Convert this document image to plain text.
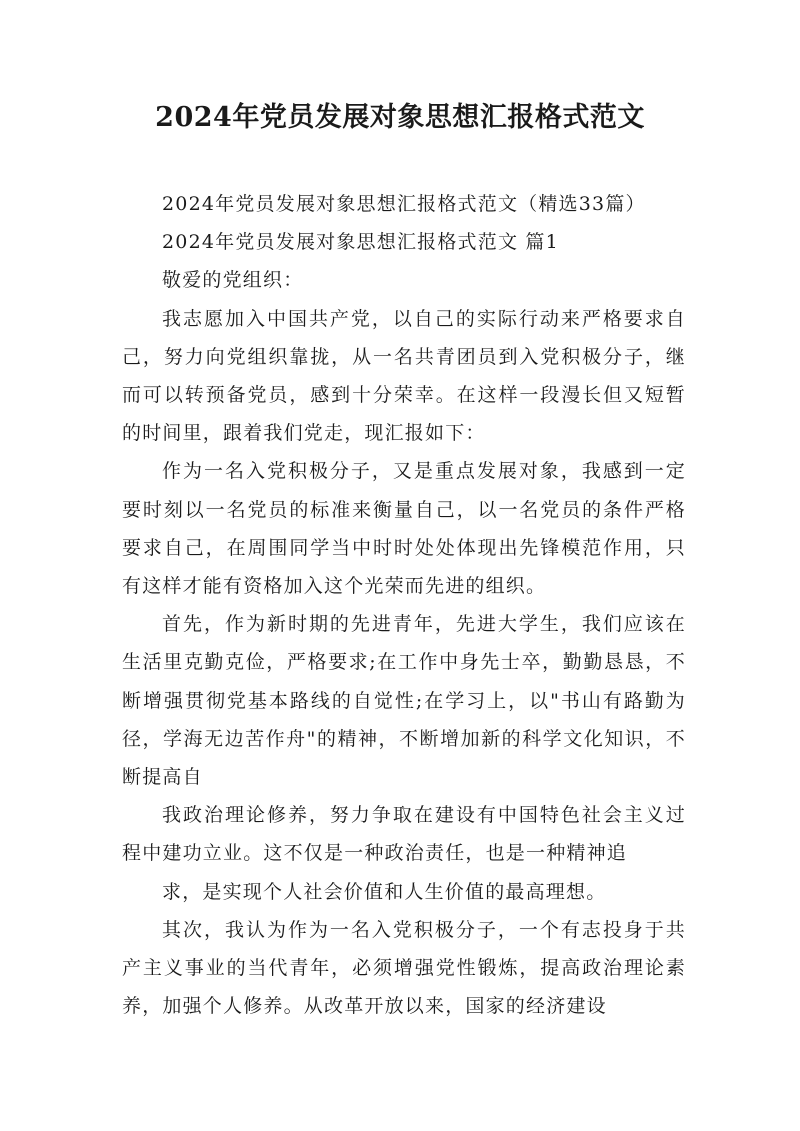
2024年党员发展对象思想汇报格式范文

2024年党员发展对象思想汇报格式范文（精选33篇）

2024年党员发展对象思想汇报格式范文 篇1

敬爱的党组织：

我志愿加入中国共产党，以自己的实际行动来严格要求自己，努力向党组织靠拢，从一名共青团员到入党积极分子，继而可以转预备党员，感到十分荣幸。在这样一段漫长但又短暂的时间里，跟着我们党走，现汇报如下：

作为一名入党积极分子，又是重点发展对象，我感到一定要时刻以一名党员的标准来衡量自己，以一名党员的条件严格要求自己，在周围同学当中时时处处体现出先锋模范作用，只有这样才能有资格加入这个光荣而先进的组织。

首先，作为新时期的先进青年，先进大学生，我们应该在生活里克勤克俭，严格要求;在工作中身先士卒，勤勤恳恳，不断增强贯彻党基本路线的自觉性;在学习上，以"书山有路勤为径，学海无边苦作舟"的精神，不断增加新的科学文化知识，不断提高自

我政治理论修养，努力争取在建设有中国特色社会主义过程中建功立业。这不仅是一种政治责任，也是一种精神追

求，是实现个人社会价值和人生价值的最高理想。

其次，我认为作为一名入党积极分子，一个有志投身于共产主义事业的当代青年，必须增强党性锻炼，提高政治理论素养，加强个人修养。从改革开放以来，国家的经济建设
